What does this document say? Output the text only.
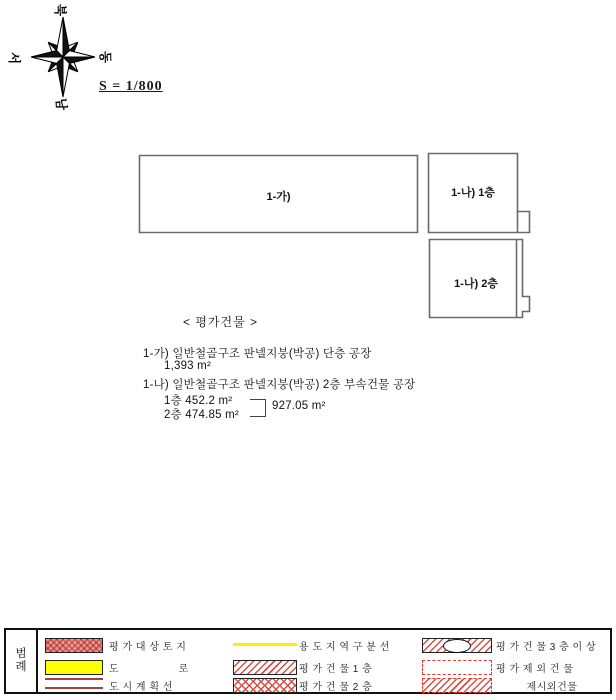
북
동
남
서
S = 1/800
1-가)	1-나) 1층
1-나) 2층
< 평가건물 >
1-가) 일반철골구조 판넬지붕(박공) 단층 공장
1,393 m²
1-나) 일반철골구조 판넬지붕(박공) 2층 부속건물 공장
1층 452.2 m²
2층 474.85 m²
927.05 m²
범
례
평 가 대 상 토 지
도 로
도 시 계 획 선
용 도 지 역 구 분 선
평 가 건 물 1 층
평 가 건 물 2 층
평 가 건 물 3 층 이 상
평 가 제 외 건 물
제시외건물
